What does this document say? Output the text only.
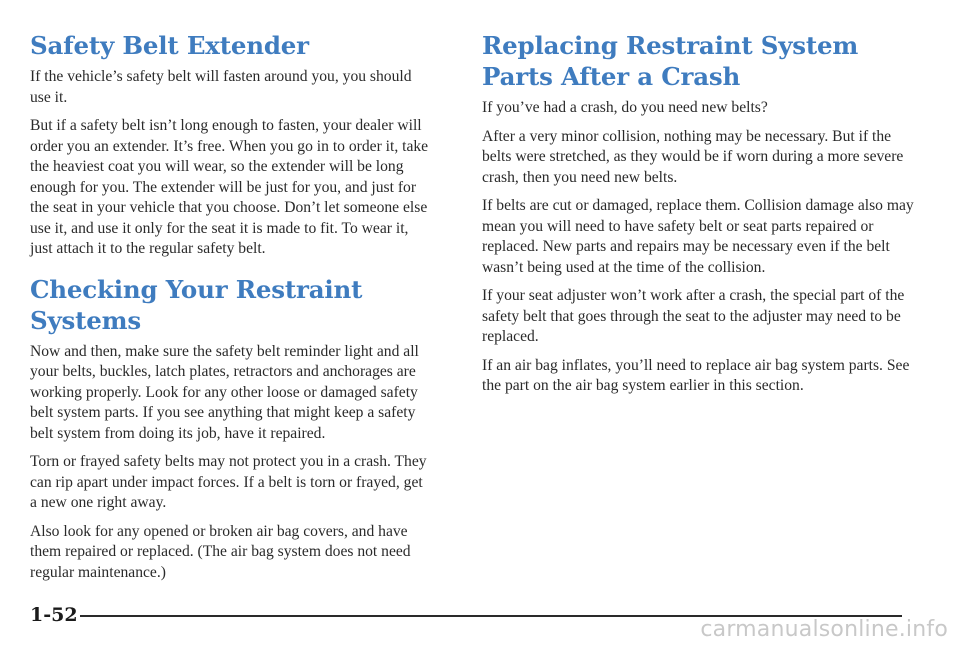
Safety Belt Extender

If the vehicle’s safety belt will fasten around you, you should use it.

But if a safety belt isn’t long enough to fasten, your dealer will order you an extender. It’s free. When you go in to order it, take the heaviest coat you will wear, so the extender will be long enough for you. The extender will be just for you, and just for the seat in your vehicle that you choose. Don’t let someone else use it, and use it only for the seat it is made to fit. To wear it, just attach it to the regular safety belt.

Checking Your Restraint Systems

Now and then, make sure the safety belt reminder light and all your belts, buckles, latch plates, retractors and anchorages are working properly. Look for any other loose or damaged safety belt system parts. If you see anything that might keep a safety belt system from doing its job, have it repaired.

Torn or frayed safety belts may not protect you in a crash. They can rip apart under impact forces. If a belt is torn or frayed, get a new one right away.

Also look for any opened or broken air bag covers, and have them repaired or replaced. (The air bag system does not need regular maintenance.)

Replacing Restraint System Parts After a Crash

If you’ve had a crash, do you need new belts?

After a very minor collision, nothing may be necessary. But if the belts were stretched, as they would be if worn during a more severe crash, then you need new belts.

If belts are cut or damaged, replace them. Collision damage also may mean you will need to have safety belt or seat parts repaired or replaced. New parts and repairs may be necessary even if the belt wasn’t being used at the time of the collision.

If your seat adjuster won’t work after a crash, the special part of the safety belt that goes through the seat to the adjuster may need to be replaced.

If an air bag inflates, you’ll need to replace air bag system parts. See the part on the air bag system earlier in this section.

1-52
carmanualsonline.info
